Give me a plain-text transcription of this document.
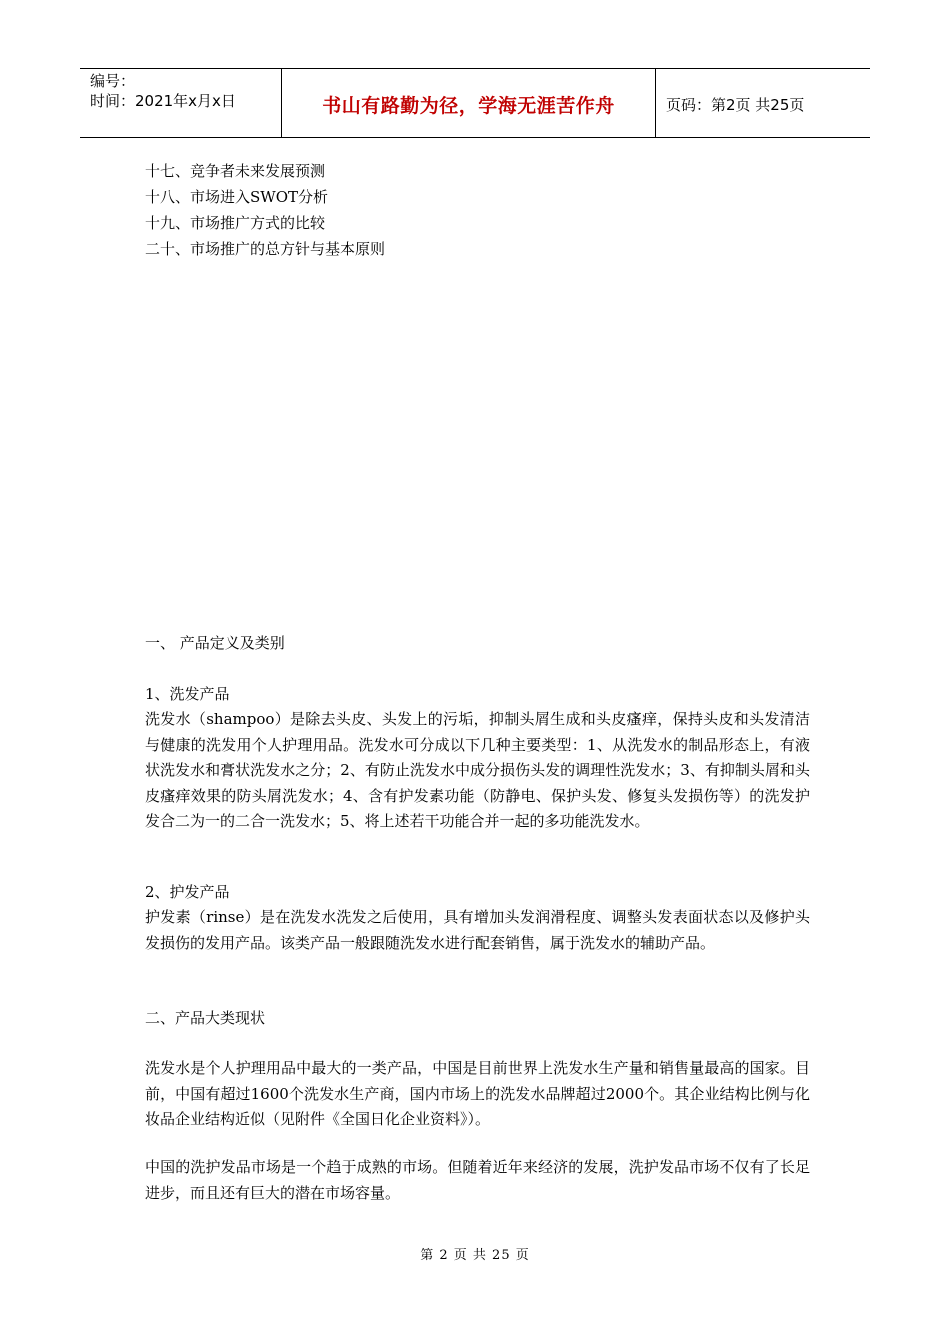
编号：
时间：2021年x月x日	书山有路勤为径，学海无涯苦作舟	页码：第2页 共25页
十七、竞争者未来发展预测
十八、市场进入SWOT分析
十九、市场推广方式的比较
二十、市场推广的总方针与基本原则
一、 产品定义及类别
1、洗发产品
洗发水（shampoo）是除去头皮、头发上的污垢，抑制头屑生成和头皮瘙痒，保持头皮和头发清洁与健康的洗发用个人护理用品。洗发水可分成以下几种主要类型：1、从洗发水的制品形态上，有液状洗发水和膏状洗发水之分；2、有防止洗发水中成分损伤头发的调理性洗发水；3、有抑制头屑和头皮瘙痒效果的防头屑洗发水；4、含有护发素功能（防静电、保护头发、修复头发损伤等）的洗发护发合二为一的二合一洗发水；5、将上述若干功能合并一起的多功能洗发水。
2、护发产品
护发素（rinse）是在洗发水洗发之后使用，具有增加头发润滑程度、调整头发表面状态以及修护头发损伤的发用产品。该类产品一般跟随洗发水进行配套销售，属于洗发水的辅助产品。
二、产品大类现状
洗发水是个人护理用品中最大的一类产品，中国是目前世界上洗发水生产量和销售量最高的国家。目前，中国有超过1600个洗发水生产商，国内市场上的洗发水品牌超过2000个。其企业结构比例与化妆品企业结构近似（见附件《全国日化企业资料》）。
中国的洗护发品市场是一个趋于成熟的市场。但随着近年来经济的发展，洗护发品市场不仅有了长足进步，而且还有巨大的潜在市场容量。
第 2 页 共 25 页
